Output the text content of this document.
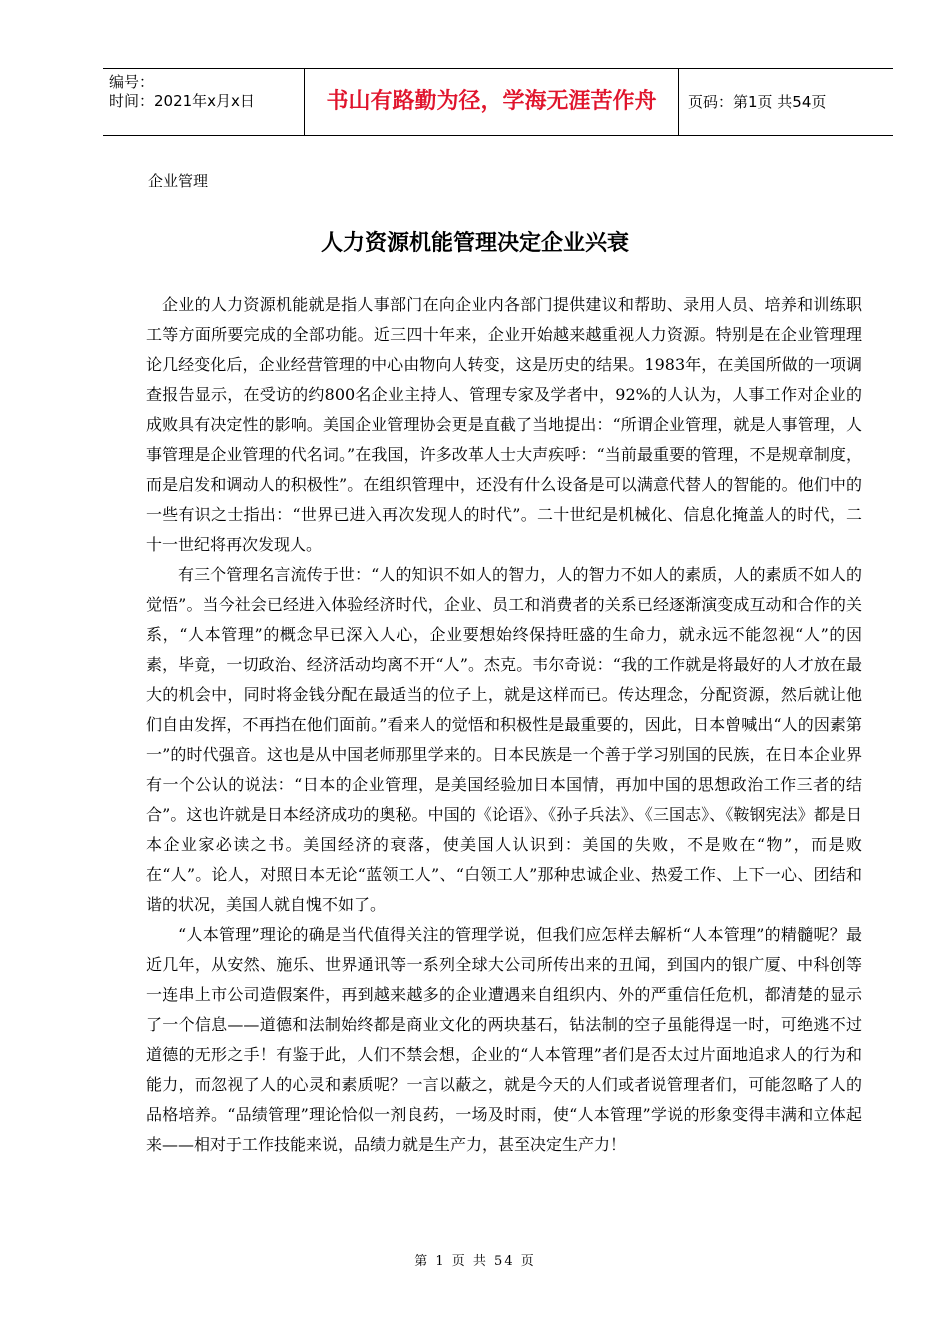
编号：
时间：2021年x月x日	书山有路勤为径，学海无涯苦作舟	页码：第1页 共54页
企业管理
人力资源机能管理决定企业兴衰

企业的人力资源机能就是指人事部门在向企业内各部门提供建议和帮助、录用人员、培养和训练职工等方面所要完成的全部功能。近三四十年来，企业开始越来越重视人力资源。特别是在企业管理理论几经变化后，企业经营管理的中心由物向人转变，这是历史的结果。1983年，在美国所做的一项调查报告显示，在受访的约800名企业主持人、管理专家及学者中，92%的人认为，人事工作对企业的成败具有决定性的影响。美国企业管理协会更是直截了当地提出：“所谓企业管理，就是人事管理，人事管理是企业管理的代名词。”在我国，许多改革人士大声疾呼：“当前最重要的管理，不是规章制度，而是启发和调动人的积极性”。在组织管理中，还没有什么设备是可以满意代替人的智能的。他们中的一些有识之士指出：“世界已进入再次发现人的时代”。二十世纪是机械化、信息化掩盖人的时代，二十一世纪将再次发现人。

有三个管理名言流传于世：“人的知识不如人的智力，人的智力不如人的素质，人的素质不如人的觉悟”。当今社会已经进入体验经济时代，企业、员工和消费者的关系已经逐渐演变成互动和合作的关系，“人本管理”的概念早已深入人心，企业要想始终保持旺盛的生命力，就永远不能忽视“人”的因素，毕竟，一切政治、经济活动均离不开“人”。杰克。韦尔奇说：“我的工作就是将最好的人才放在最大的机会中，同时将金钱分配在最适当的位子上，就是这样而已。传达理念，分配资源，然后就让他们自由发挥，不再挡在他们面前。”看来人的觉悟和积极性是最重要的，因此，日本曾喊出“人的因素第一”的时代强音。这也是从中国老师那里学来的。日本民族是一个善于学习别国的民族，在日本企业界有一个公认的说法：“日本的企业管理，是美国经验加日本国情，再加中国的思想政治工作三者的结合”。这也许就是日本经济成功的奥秘。中国的《论语》、《孙子兵法》、《三国志》、《鞍钢宪法》都是日本企业家必读之书。美国经济的衰落，使美国人认识到：美国的失败，不是败在“物”，而是败在“人”。论人，对照日本无论“蓝领工人”、“白领工人”那种忠诚企业、热爱工作、上下一心、团结和谐的状况，美国人就自愧不如了。

“人本管理”理论的确是当代值得关注的管理学说，但我们应怎样去解析“人本管理”的精髓呢？最近几年，从安然、施乐、世界通讯等一系列全球大公司所传出来的丑闻，到国内的银广厦、中科创等一连串上市公司造假案件，再到越来越多的企业遭遇来自组织内、外的严重信任危机，都清楚的显示了一个信息——道德和法制始终都是商业文化的两块基石，钻法制的空子虽能得逞一时，可绝逃不过道德的无形之手！有鉴于此，人们不禁会想，企业的“人本管理”者们是否太过片面地追求人的行为和能力，而忽视了人的心灵和素质呢？一言以蔽之，就是今天的人们或者说管理者们，可能忽略了人的品格培养。“品绩管理”理论恰似一剂良药，一场及时雨，使“人本管理”学说的形象变得丰满和立体起来——相对于工作技能来说，品绩力就是生产力，甚至决定生产力！

第 1 页 共 54 页
